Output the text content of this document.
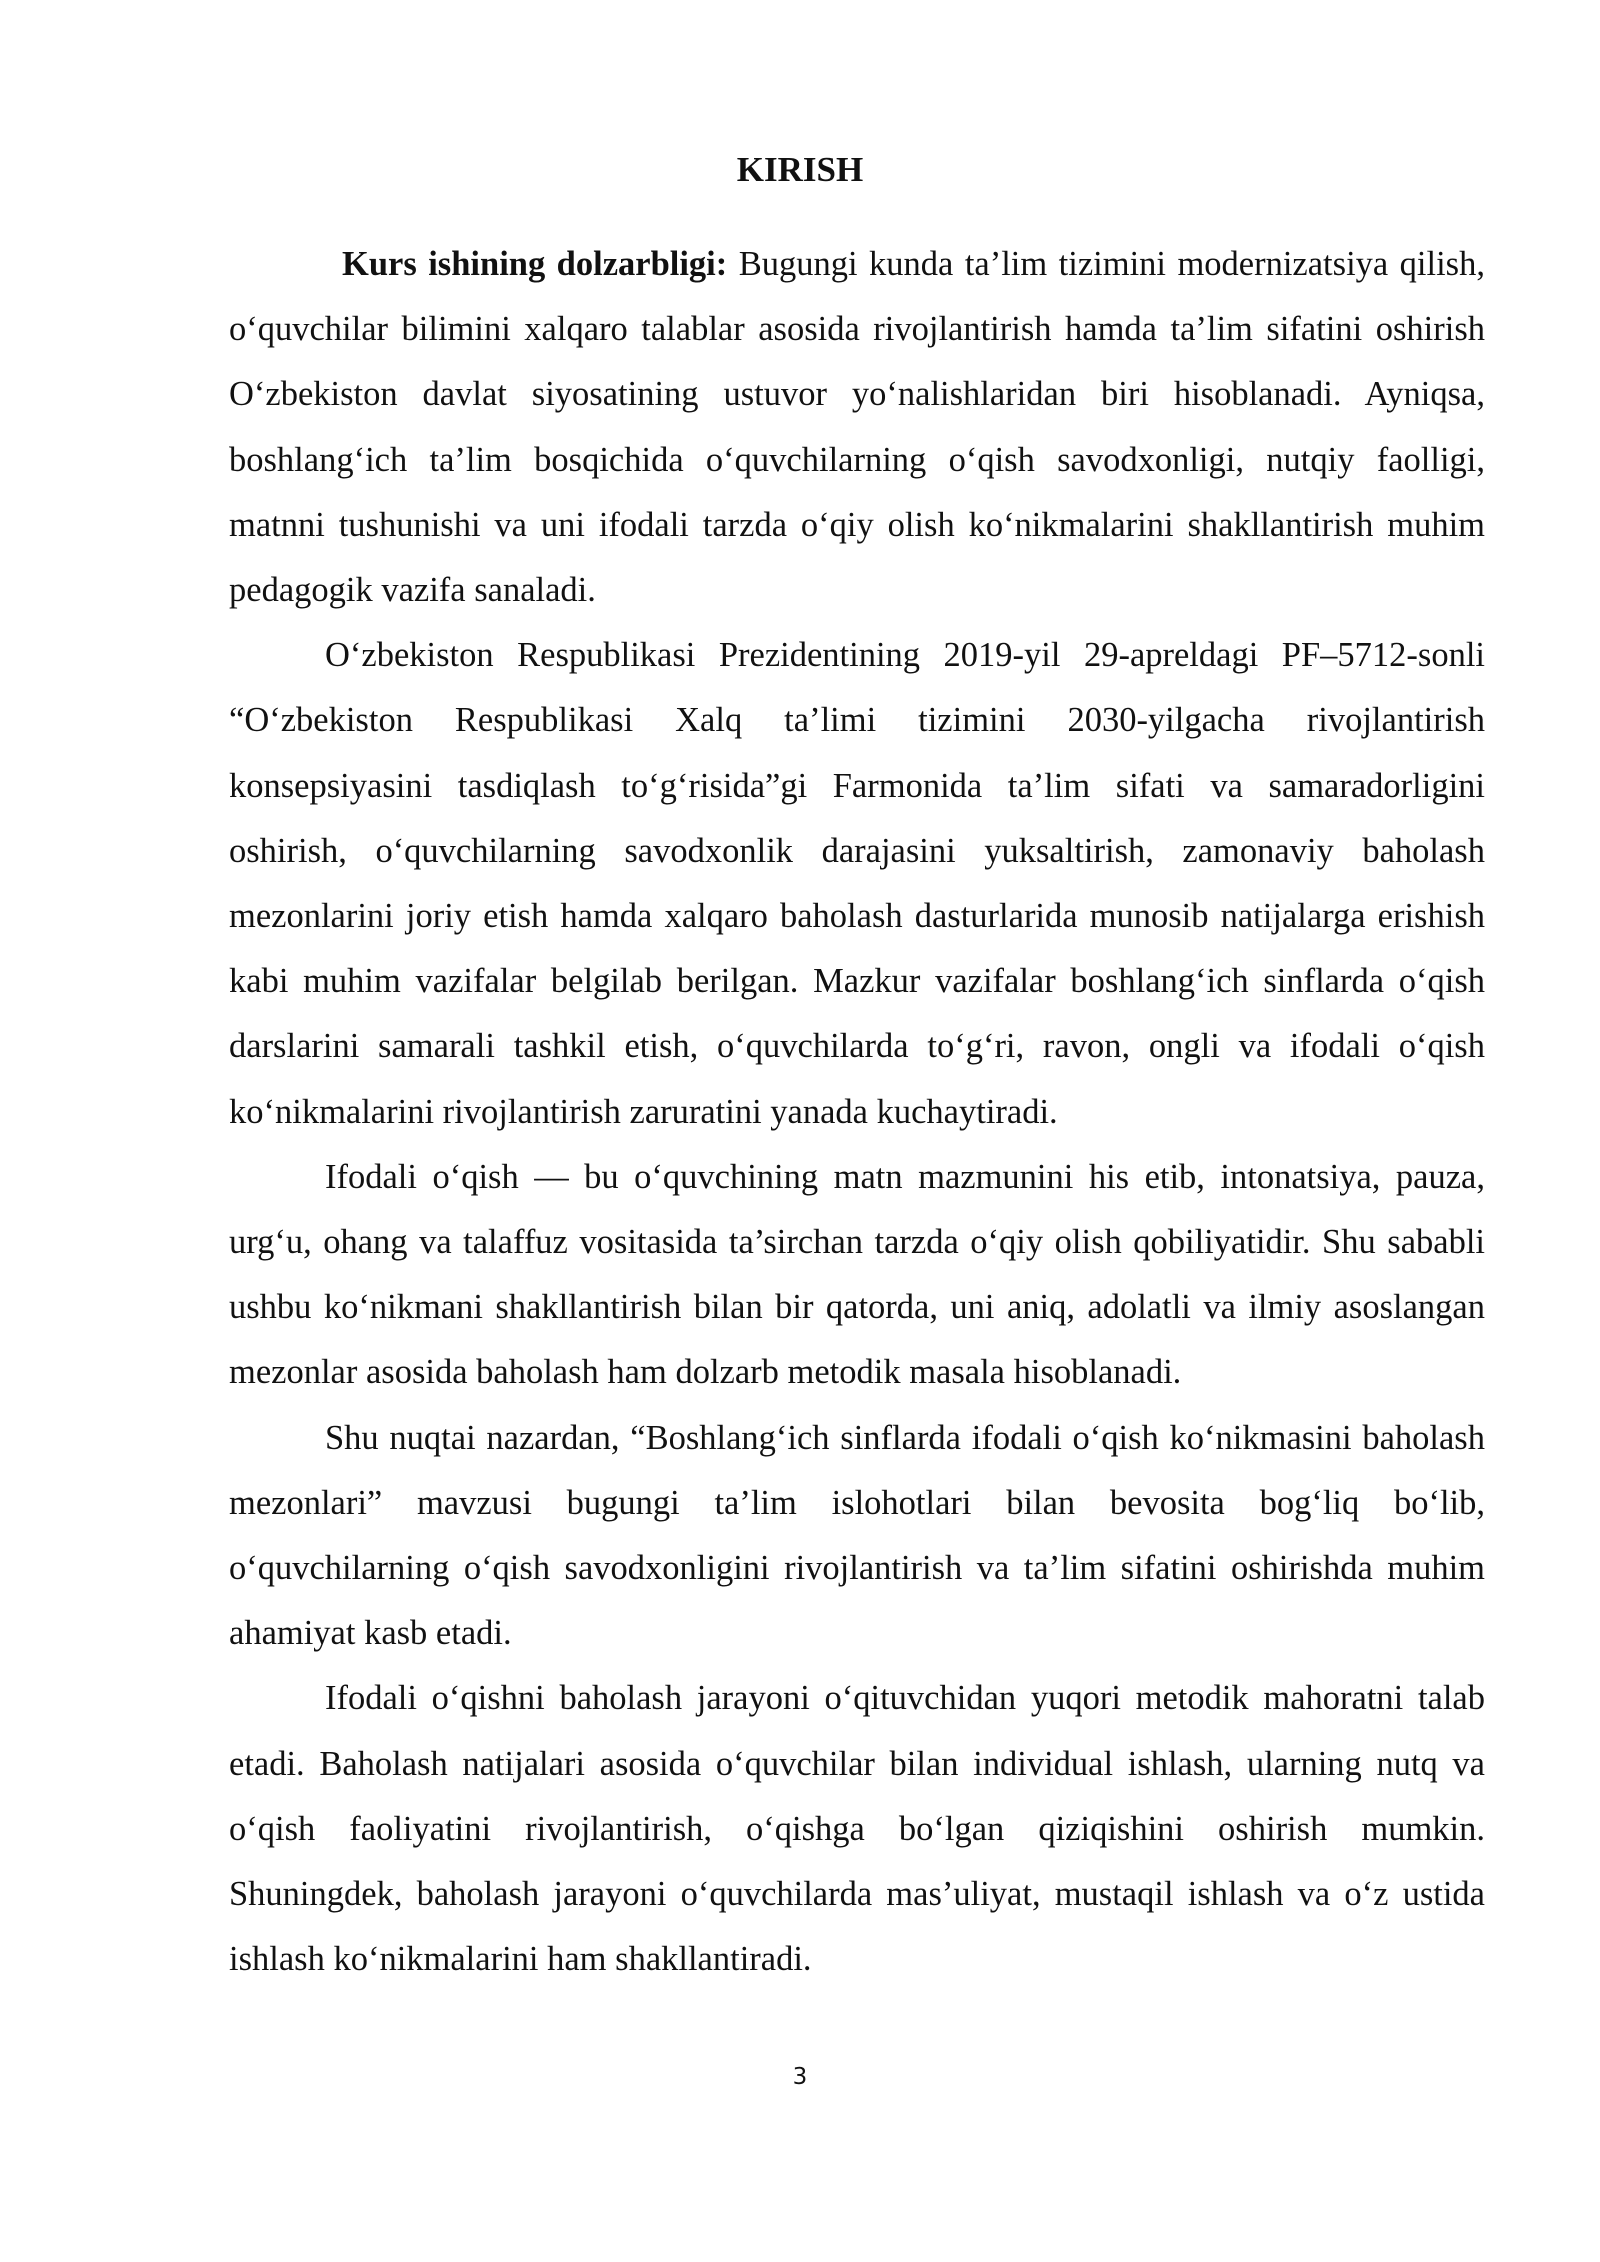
KIRISH

Kurs ishining dolzarbligi: Bugungi kunda ta’lim tizimini modernizatsiya qilish, o‘quvchilar bilimini xalqaro talablar asosida rivojlantirish hamda ta’lim sifatini oshirish O‘zbekiston davlat siyosatining ustuvor yo‘nalishlaridan biri hisoblanadi. Ayniqsa, boshlang‘ich ta’lim bosqichida o‘quvchilarning o‘qish savodxonligi, nutqiy faolligi, matnni tushunishi va uni ifodali tarzda o‘qiy olish ko‘nikmalarini shakllantirish muhim pedagogik vazifa sanaladi.

O‘zbekiston Respublikasi Prezidentining 2019-yil 29-apreldagi PF–5712-sonli “O‘zbekiston Respublikasi Xalq ta’limi tizimini 2030-yilgacha rivojlantirish konsepsiyasini tasdiqlash to‘g‘risida”gi Farmonida ta’lim sifati va samaradorligini oshirish, o‘quvchilarning savodxonlik darajasini yuksaltirish, zamonaviy baholash mezonlarini joriy etish hamda xalqaro baholash dasturlarida munosib natijalarga erishish kabi muhim vazifalar belgilab berilgan. Mazkur vazifalar boshlang‘ich sinflarda o‘qish darslarini samarali tashkil etish, o‘quvchilarda to‘g‘ri, ravon, ongli va ifodali o‘qish ko‘nikmalarini rivojlantirish zaruratini yanada kuchaytiradi.

Ifodali o‘qish — bu o‘quvchining matn mazmunini his etib, intonatsiya, pauza, urg‘u, ohang va talaffuz vositasida ta’sirchan tarzda o‘qiy olish qobiliyatidir. Shu sababli ushbu ko‘nikmani shakllantirish bilan bir qatorda, uni aniq, adolatli va ilmiy asoslangan mezonlar asosida baholash ham dolzarb metodik masala hisoblanadi.

Shu nuqtai nazardan, “Boshlang‘ich sinflarda ifodali o‘qish ko‘nikmasini baholash mezonlari” mavzusi bugungi ta’lim islohotlari bilan bevosita bog‘liq bo‘lib, o‘quvchilarning o‘qish savodxonligini rivojlantirish va ta’lim sifatini oshirishda muhim ahamiyat kasb etadi.

Ifodali o‘qishni baholash jarayoni o‘qituvchidan yuqori metodik mahoratni talab etadi. Baholash natijalari asosida o‘quvchilar bilan individual ishlash, ularning nutq va o‘qish faoliyatini rivojlantirish, o‘qishga bo‘lgan qiziqishini oshirish mumkin. Shuningdek, baholash jarayoni o‘quvchilarda mas’uliyat, mustaqil ishlash va o‘z ustida ishlash ko‘nikmalarini ham shakllantiradi.

3
